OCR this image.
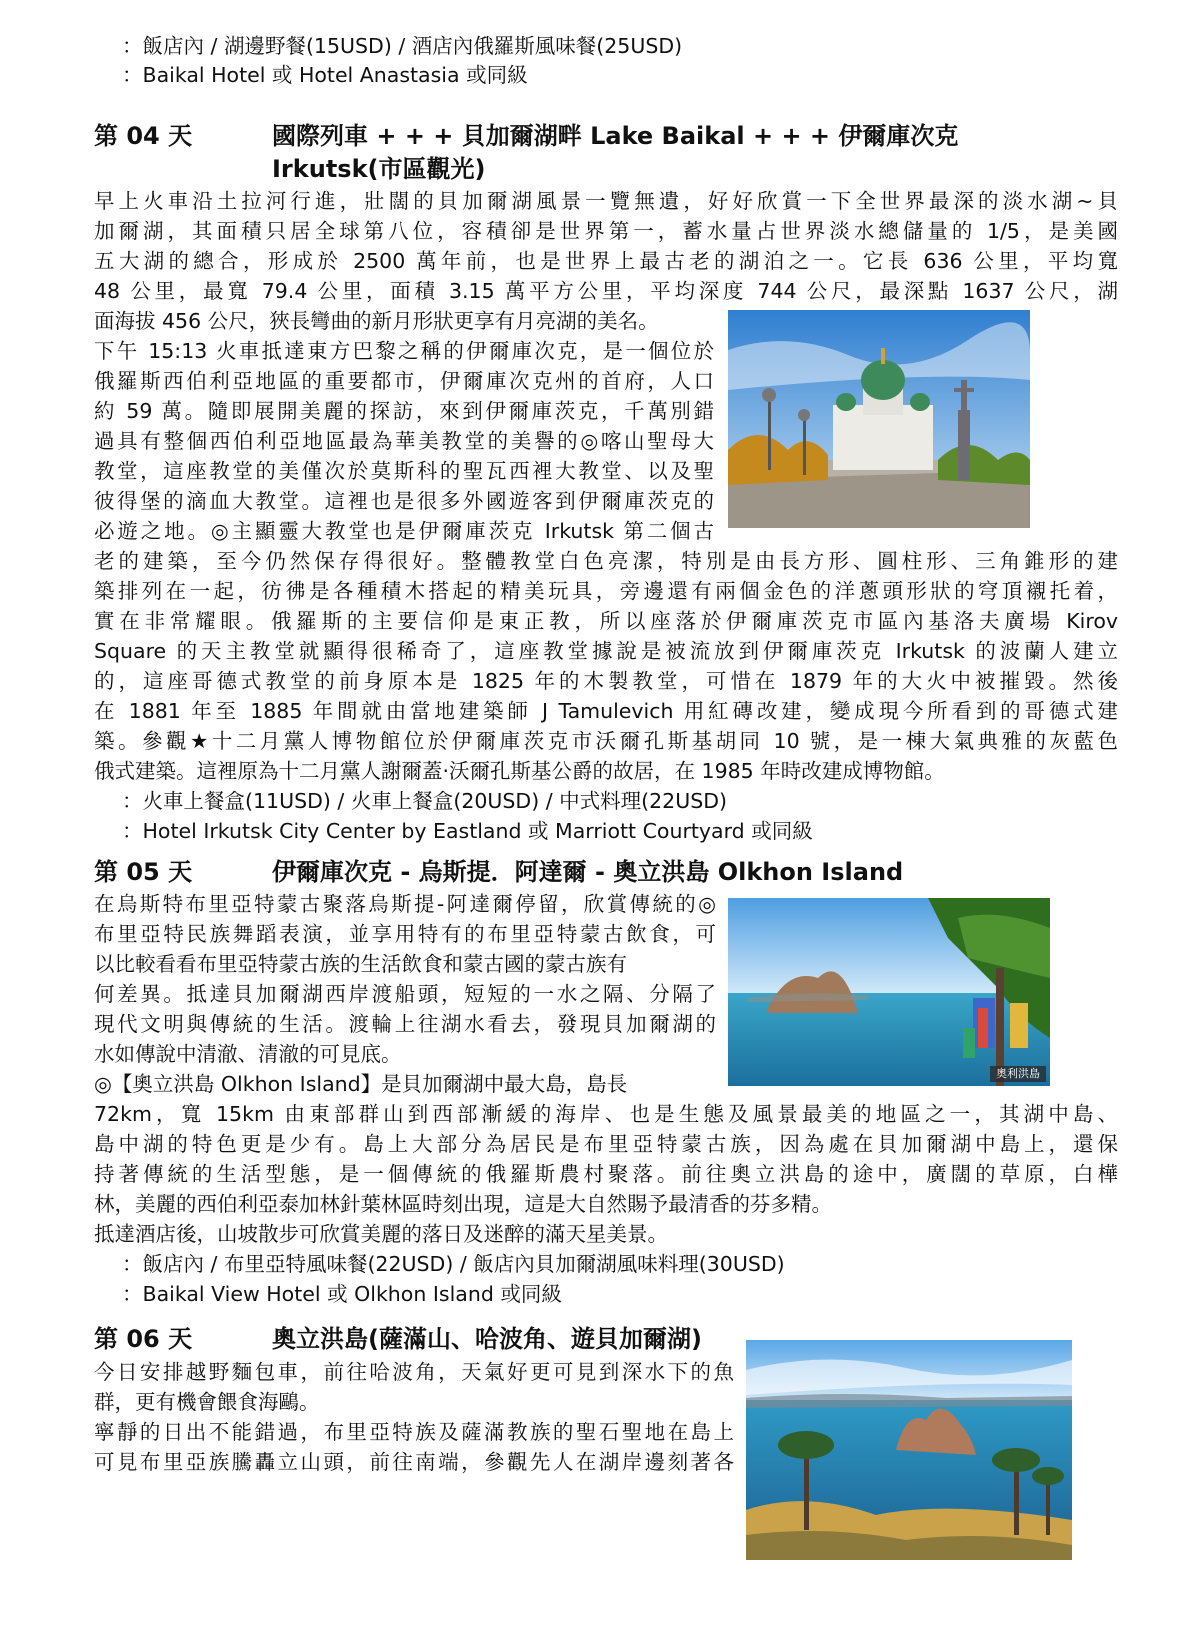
：飯店內 / 湖邊野餐(15USD) / 酒店內俄羅斯風味餐(25USD)

：Baikal Hotel 或 Hotel Anastasia 或同級

第 04 天	國際列車 + + + 貝加爾湖畔 Lake Baikal + + + 伊爾庫次克

Irkutsk(市區觀光)

早上火車沿土拉河行進，壯闊的貝加爾湖風景一覽無遺，好好欣賞一下全世界最深的淡水湖~貝

加爾湖，其面積只居全球第八位，容積卻是世界第一，蓄水量占世界淡水總儲量的 1/5，是美國

五大湖的總合，形成於 2500 萬年前，也是世界上最古老的湖泊之一。它長 636 公里，平均寬

48 公里，最寬 79.4 公里，面積 3.15 萬平方公里，平均深度 744 公尺，最深點 1637 公尺，湖

面海拔 456 公尺，狹長彎曲的新月形狀更享有月亮湖的美名。

下午 15:13 火車抵達東方巴黎之稱的伊爾庫次克，是一個位於

俄羅斯西伯利亞地區的重要都市，伊爾庫次克州的首府，人口

約 59 萬。隨即展開美麗的探訪，來到伊爾庫茨克，千萬別錯

過具有整個西伯利亞地區最為華美教堂的美譽的◎喀山聖母大

教堂，這座教堂的美僅次於莫斯科的聖瓦西裡大教堂、以及聖

彼得堡的滴血大教堂。這裡也是很多外國遊客到伊爾庫茨克的

必遊之地。◎主顯靈大教堂也是伊爾庫茨克 Irkutsk 第二個古

老的建築，至今仍然保存得很好。整體教堂白色亮潔，特別是由長方形、圓柱形、三角錐形的建

築排列在一起，彷彿是各種積木搭起的精美玩具，旁邊還有兩個金色的洋蔥頭形狀的穹頂襯托着，

實在非常耀眼。俄羅斯的主要信仰是東正教，所以座落於伊爾庫茨克市區內基洛夫廣場 Kirov

Square 的天主教堂就顯得很稀奇了，這座教堂據說是被流放到伊爾庫茨克 Irkutsk 的波蘭人建立

的，這座哥德式教堂的前身原本是 1825 年的木製教堂，可惜在 1879 年的大火中被摧毀。然後

在 1881 年至 1885 年間就由當地建築師 J Tamulevich 用紅磚改建，變成現今所看到的哥德式建

築。參觀★十二月黨人博物館位於伊爾庫茨克市沃爾孔斯基胡同 10 號，是一棟大氣典雅的灰藍色

俄式建築。這裡原為十二月黨人謝爾蓋·沃爾孔斯基公爵的故居，在 1985 年時改建成博物館。

：火車上餐盒(11USD) / 火車上餐盒(20USD) / 中式料理(22USD)

：Hotel Irkutsk City Center by Eastland 或 Marriott Courtyard 或同級

第 05 天	伊爾庫次克 - 烏斯提．阿達爾 - 奧立洪島 Olkhon Island

在烏斯特布里亞特蒙古聚落烏斯提-阿達爾停留，欣賞傳統的◎

布里亞特民族舞蹈表演，並享用特有的布里亞特蒙古飲食，可

以比較看看布里亞特蒙古族的生活飲食和蒙古國的蒙古族有

何差異。抵達貝加爾湖西岸渡船頭，短短的一水之隔、分隔了

現代文明與傳統的生活。渡輪上往湖水看去，發現貝加爾湖的

水如傳說中清澈、清澈的可見底。

◎【奧立洪島 Olkhon Island】是貝加爾湖中最大島，島長

72km，寬 15km 由東部群山到西部漸緩的海岸、也是生態及風景最美的地區之一，其湖中島、

島中湖的特色更是少有。島上大部分為居民是布里亞特蒙古族，因為處在貝加爾湖中島上，還保

持著傳統的生活型態，是一個傳統的俄羅斯農村聚落。前往奧立洪島的途中，廣闊的草原，白樺

林，美麗的西伯利亞泰加林針葉林區時刻出現，這是大自然賜予最清香的芬多精。

抵達酒店後，山坡散步可欣賞美麗的落日及迷醉的滿天星美景。

：飯店內 / 布里亞特風味餐(22USD) / 飯店內貝加爾湖風味料理(30USD)

：Baikal View Hotel 或 Olkhon Island 或同級

奧利洪島

第 06 天	奧立洪島(薩滿山、哈波角、遊貝加爾湖)

今日安排越野麵包車，前往哈波角，天氣好更可見到深水下的魚

群，更有機會餵食海鷗。

寧靜的日出不能錯過，布里亞特族及薩滿教族的聖石聖地在島上

可見布里亞族騰轟立山頭，前往南端，參觀先人在湖岸邊刻著各
